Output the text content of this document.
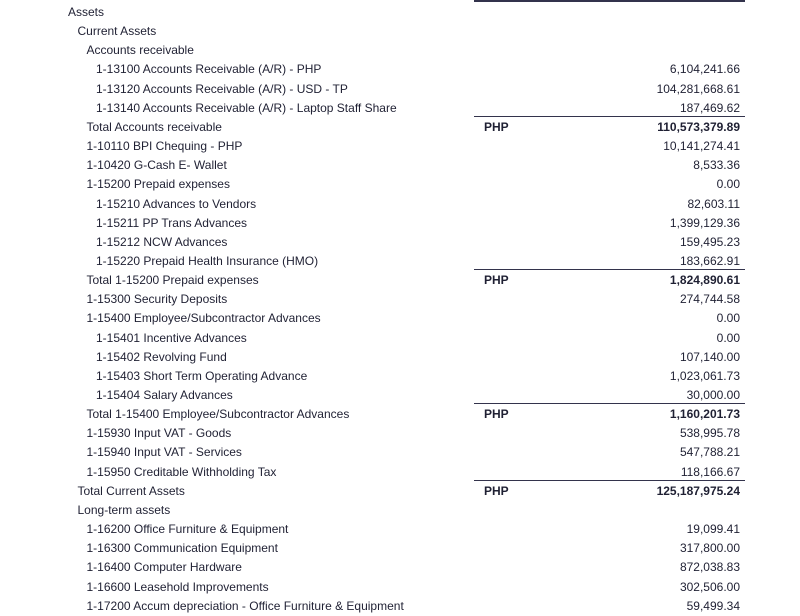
Assets
Current Assets
Accounts receivable
1-13100 Accounts Receivable (A/R) - PHP	6,104,241.66
1-13120 Accounts Receivable (A/R) - USD - TP	104,281,668.61
1-13140 Accounts Receivable (A/R) - Laptop Staff Share	187,469.62
Total Accounts receivable	PHP	110,573,379.89
1-10110 BPI Chequing - PHP	10,141,274.41
1-10420 G-Cash E- Wallet	8,533.36
1-15200 Prepaid expenses	0.00
1-15210 Advances to Vendors	82,603.11
1-15211 PP Trans Advances	1,399,129.36
1-15212 NCW Advances	159,495.23
1-15220 Prepaid Health Insurance (HMO)	183,662.91
Total 1-15200 Prepaid expenses	PHP	1,824,890.61
1-15300 Security Deposits	274,744.58
1-15400 Employee/Subcontractor Advances	0.00
1-15401 Incentive Advances	0.00
1-15402 Revolving Fund	107,140.00
1-15403 Short Term Operating Advance	1,023,061.73
1-15404 Salary Advances	30,000.00
Total 1-15400 Employee/Subcontractor Advances	PHP	1,160,201.73
1-15930 Input VAT - Goods	538,995.78
1-15940 Input VAT - Services	547,788.21
1-15950 Creditable Withholding Tax	118,166.67
Total Current Assets	PHP	125,187,975.24
Long-term assets
1-16200 Office Furniture & Equipment	19,099.41
1-16300 Communication Equipment	317,800.00
1-16400 Computer Hardware	872,038.83
1-16600 Leasehold Improvements	302,506.00
1-17200 Accum depreciation - Office Furniture & Equipment	59,499.34
